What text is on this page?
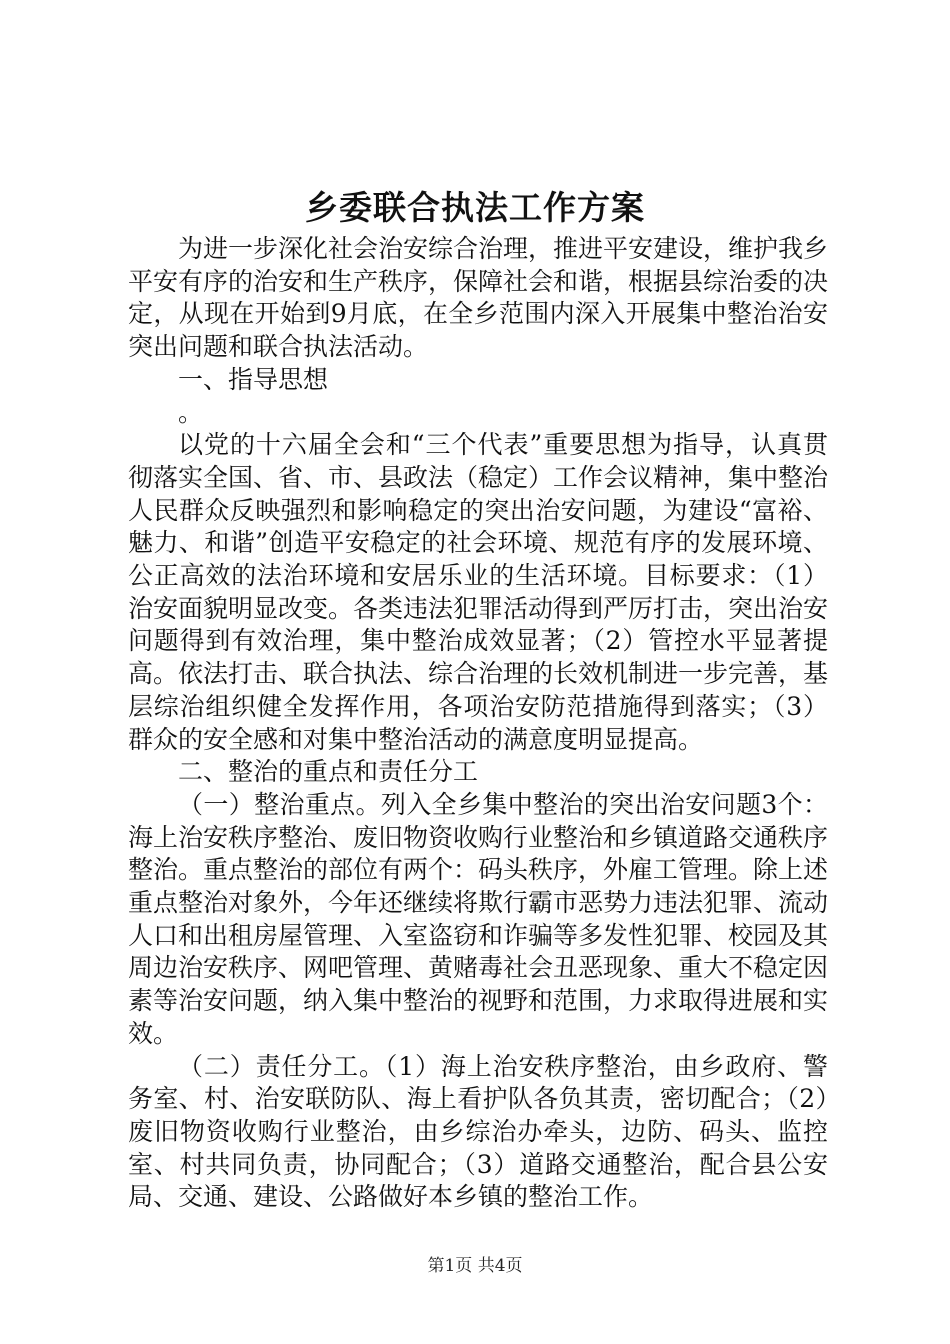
乡委联合执法工作方案

为进一步深化社会治安综合治理，推进平安建设，维护我乡平安有序的治安和生产秩序，保障社会和谐，根据县综治委的决定，从现在开始到9月底，在全乡范围内深入开展集中整治治安突出问题和联合执法活动。

一、指导思想

。

以党的十六届全会和“三个代表”重要思想为指导，认真贯彻落实全国、省、市、县政法（稳定）工作会议精神，集中整治人民群众反映强烈和影响稳定的突出治安问题，为建设“富裕、魅力、和谐”创造平安稳定的社会环境、规范有序的发展环境、公正高效的法治环境和安居乐业的生活环境。目标要求：（1）治安面貌明显改变。各类违法犯罪活动得到严厉打击，突出治安问题得到有效治理，集中整治成效显著；（2）管控水平显著提高。依法打击、联合执法、综合治理的长效机制进一步完善，基层综治组织健全发挥作用，各项治安防范措施得到落实；（3）群众的安全感和对集中整治活动的满意度明显提高。

二、整治的重点和责任分工

（一）整治重点。列入全乡集中整治的突出治安问题3个：海上治安秩序整治、废旧物资收购行业整治和乡镇道路交通秩序整治。重点整治的部位有两个：码头秩序，外雇工管理。除上述重点整治对象外，今年还继续将欺行霸市恶势力违法犯罪、流动人口和出租房屋管理、入室盗窃和诈骗等多发性犯罪、校园及其周边治安秩序、网吧管理、黄赌毒社会丑恶现象、重大不稳定因素等治安问题，纳入集中整治的视野和范围，力求取得进展和实效。

（二）责任分工。（1）海上治安秩序整治，由乡政府、警务室、村、治安联防队、海上看护队各负其责，密切配合；（2）废旧物资收购行业整治，由乡综治办牵头，边防、码头、监控室、村共同负责，协同配合；（3）道路交通整治，配合县公安局、交通、建设、公路做好本乡镇的整治工作。

第1页 共4页
